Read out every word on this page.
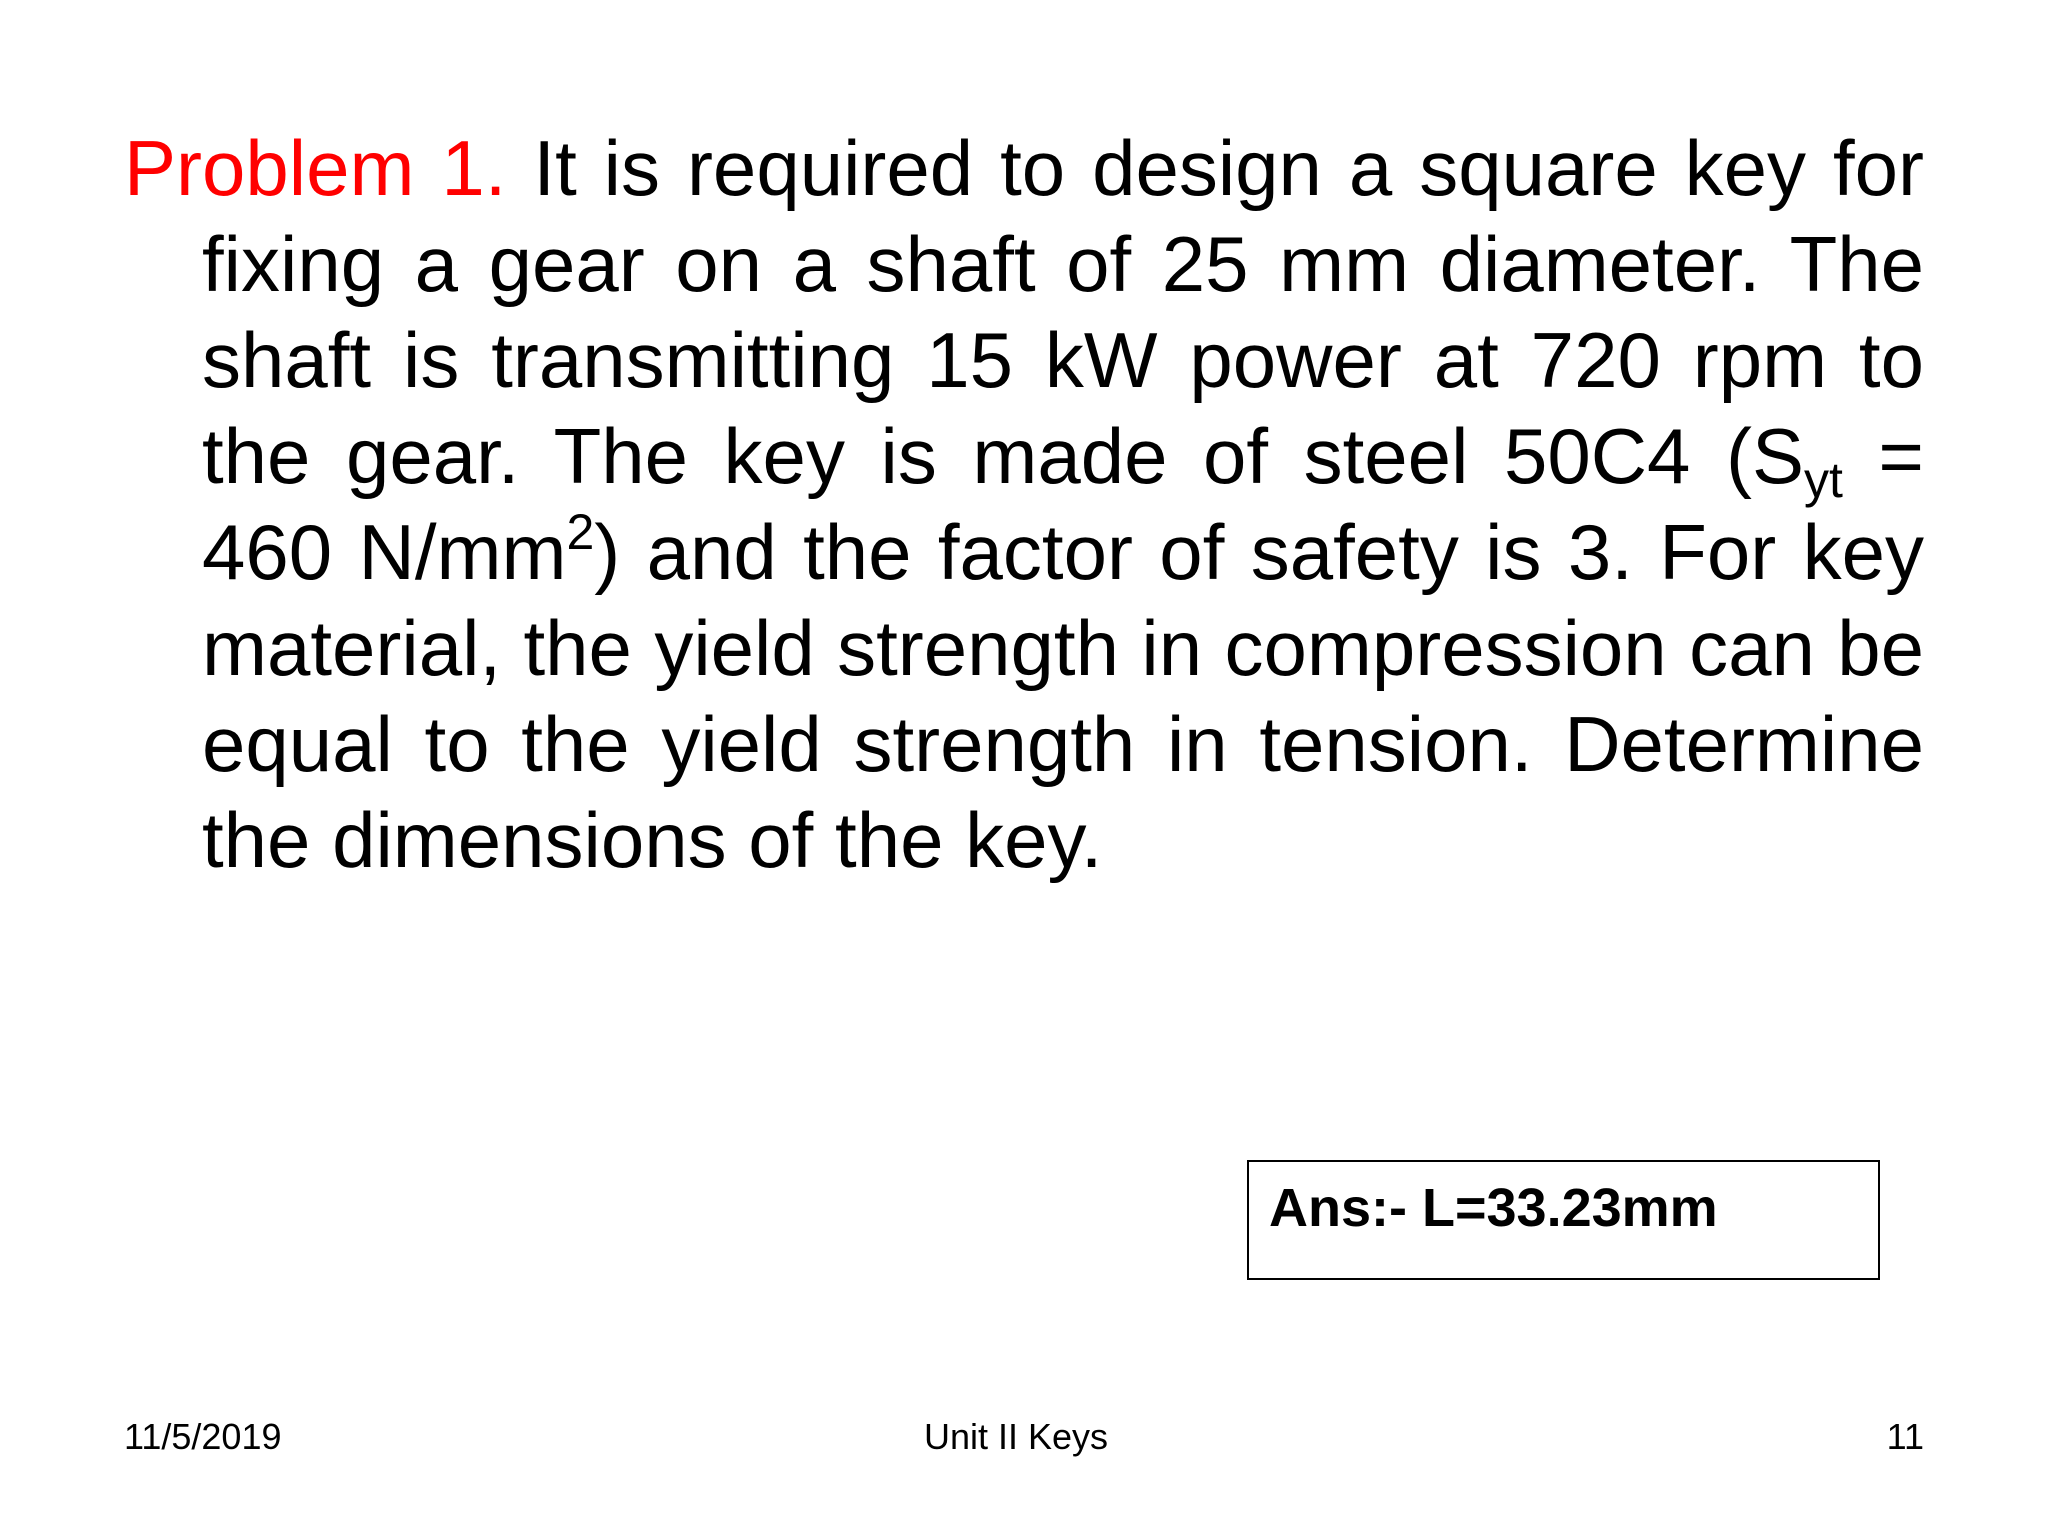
Problem 1. It is required to design a square key for fixing a gear on a shaft of 25 mm diameter. The shaft is transmitting 15 kW power at 720 rpm to the gear. The key is made of steel 50C4 ($S_{yt} = 460$ $N/mm^2$) and the factor of safety is 3. For key material, the yield strength in compression can be equal to the yield strength in tension. Determine the dimensions of the key.
Ans:- L=33.23mm
11/5/2019	Unit II Keys	11
